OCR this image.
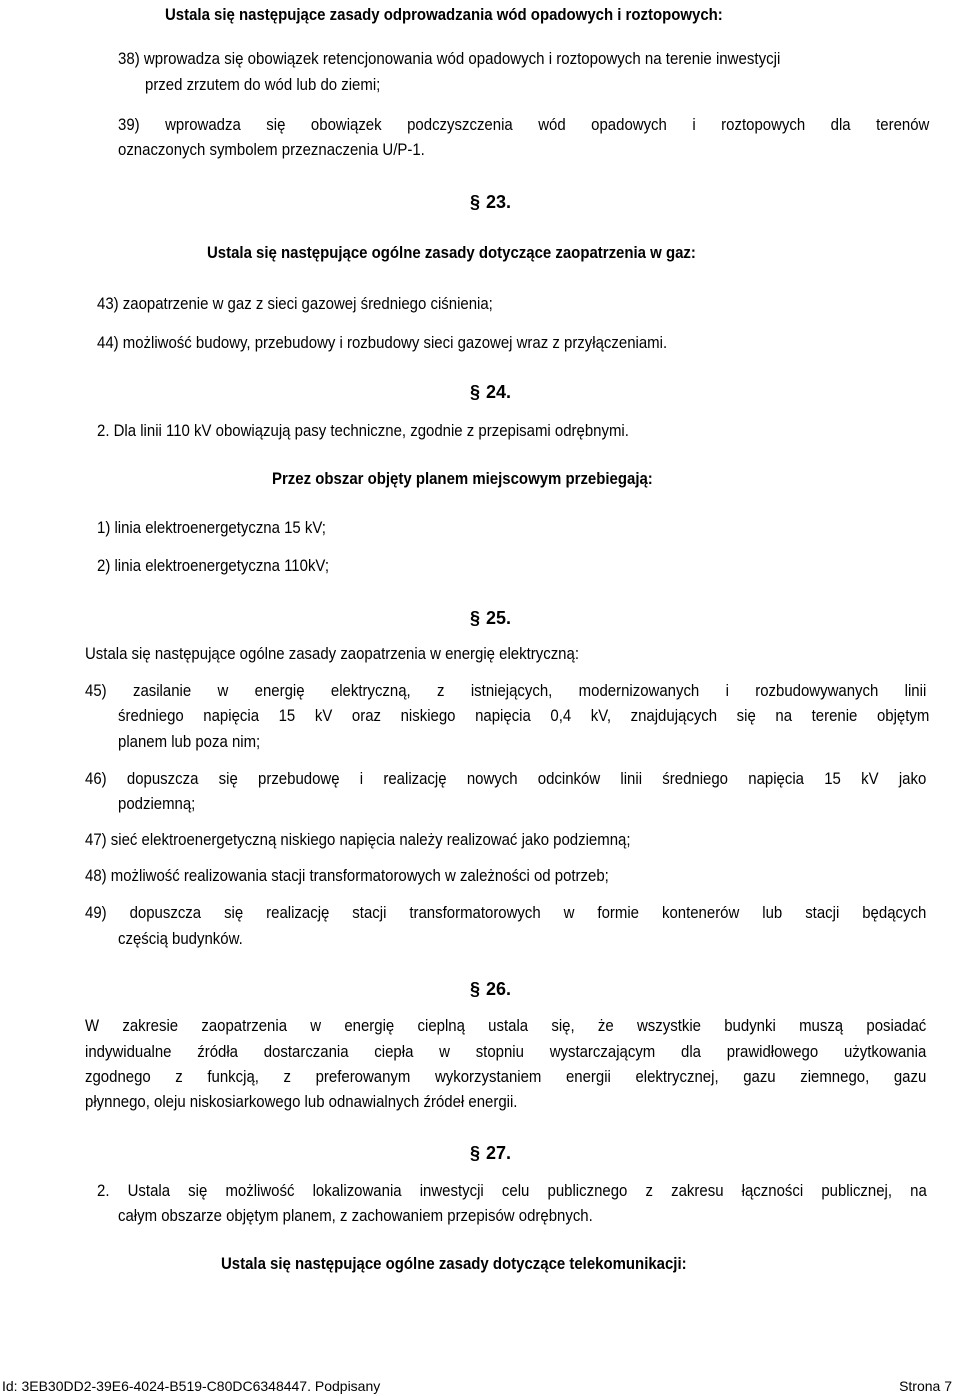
Ustala się następujące zasady odprowadzania wód opadowych i roztopowych:
38) wprowadza się obowiązek retencjonowania wód opadowych i roztopowych na terenie inwestycji
przed zrzutem do wód lub do ziemi;
39) wprowadza się obowiązek podczyszczenia wód opadowych i roztopowych dla terenów
oznaczonych symbolem przeznaczenia U/P-1.
§ 23.
Ustala się następujące ogólne zasady dotyczące zaopatrzenia w gaz:
43) zaopatrzenie w gaz z sieci gazowej średniego ciśnienia;
44) możliwość budowy, przebudowy i rozbudowy sieci gazowej wraz z przyłączeniami.
§ 24.
2. Dla linii 110 kV obowiązują pasy techniczne, zgodnie z przepisami odrębnymi.
Przez obszar objęty planem miejscowym przebiegają:
1) linia elektroenergetyczna 15 kV;
2) linia elektroenergetyczna 110kV;
§ 25.
Ustala się następujące ogólne zasady zaopatrzenia w energię elektryczną:
45) zasilanie w energię elektryczną, z istniejących, modernizowanych i rozbudowywanych linii
średniego napięcia 15 kV oraz niskiego napięcia 0,4 kV, znajdujących się na terenie objętym
planem lub poza nim;
46) dopuszcza się przebudowę i realizację nowych odcinków linii średniego napięcia 15 kV jako
podziemną;
47) sieć elektroenergetyczną niskiego napięcia należy realizować jako podziemną;
48) możliwość realizowania stacji transformatorowych w zależności od potrzeb;
49) dopuszcza się realizację stacji transformatorowych w formie kontenerów lub stacji będących
częścią budynków.
§ 26.
W zakresie zaopatrzenia w energię cieplną ustala się, że wszystkie budynki muszą posiadać
indywidualne źródła dostarczania ciepła w stopniu wystarczającym dla prawidłowego użytkowania
zgodnego z funkcją, z preferowanym wykorzystaniem energii elektrycznej, gazu ziemnego, gazu
płynnego, oleju niskosiarkowego lub odnawialnych źródeł energii.
§ 27.
2. Ustala się możliwość lokalizowania inwestycji celu publicznego z zakresu łączności publicznej, na
całym obszarze objętym planem, z zachowaniem przepisów odrębnych.
Ustala się następujące ogólne zasady dotyczące telekomunikacji:
Id: 3EB30DD2-39E6-4024-B519-C80DC6348447. Podpisany	Strona 7
